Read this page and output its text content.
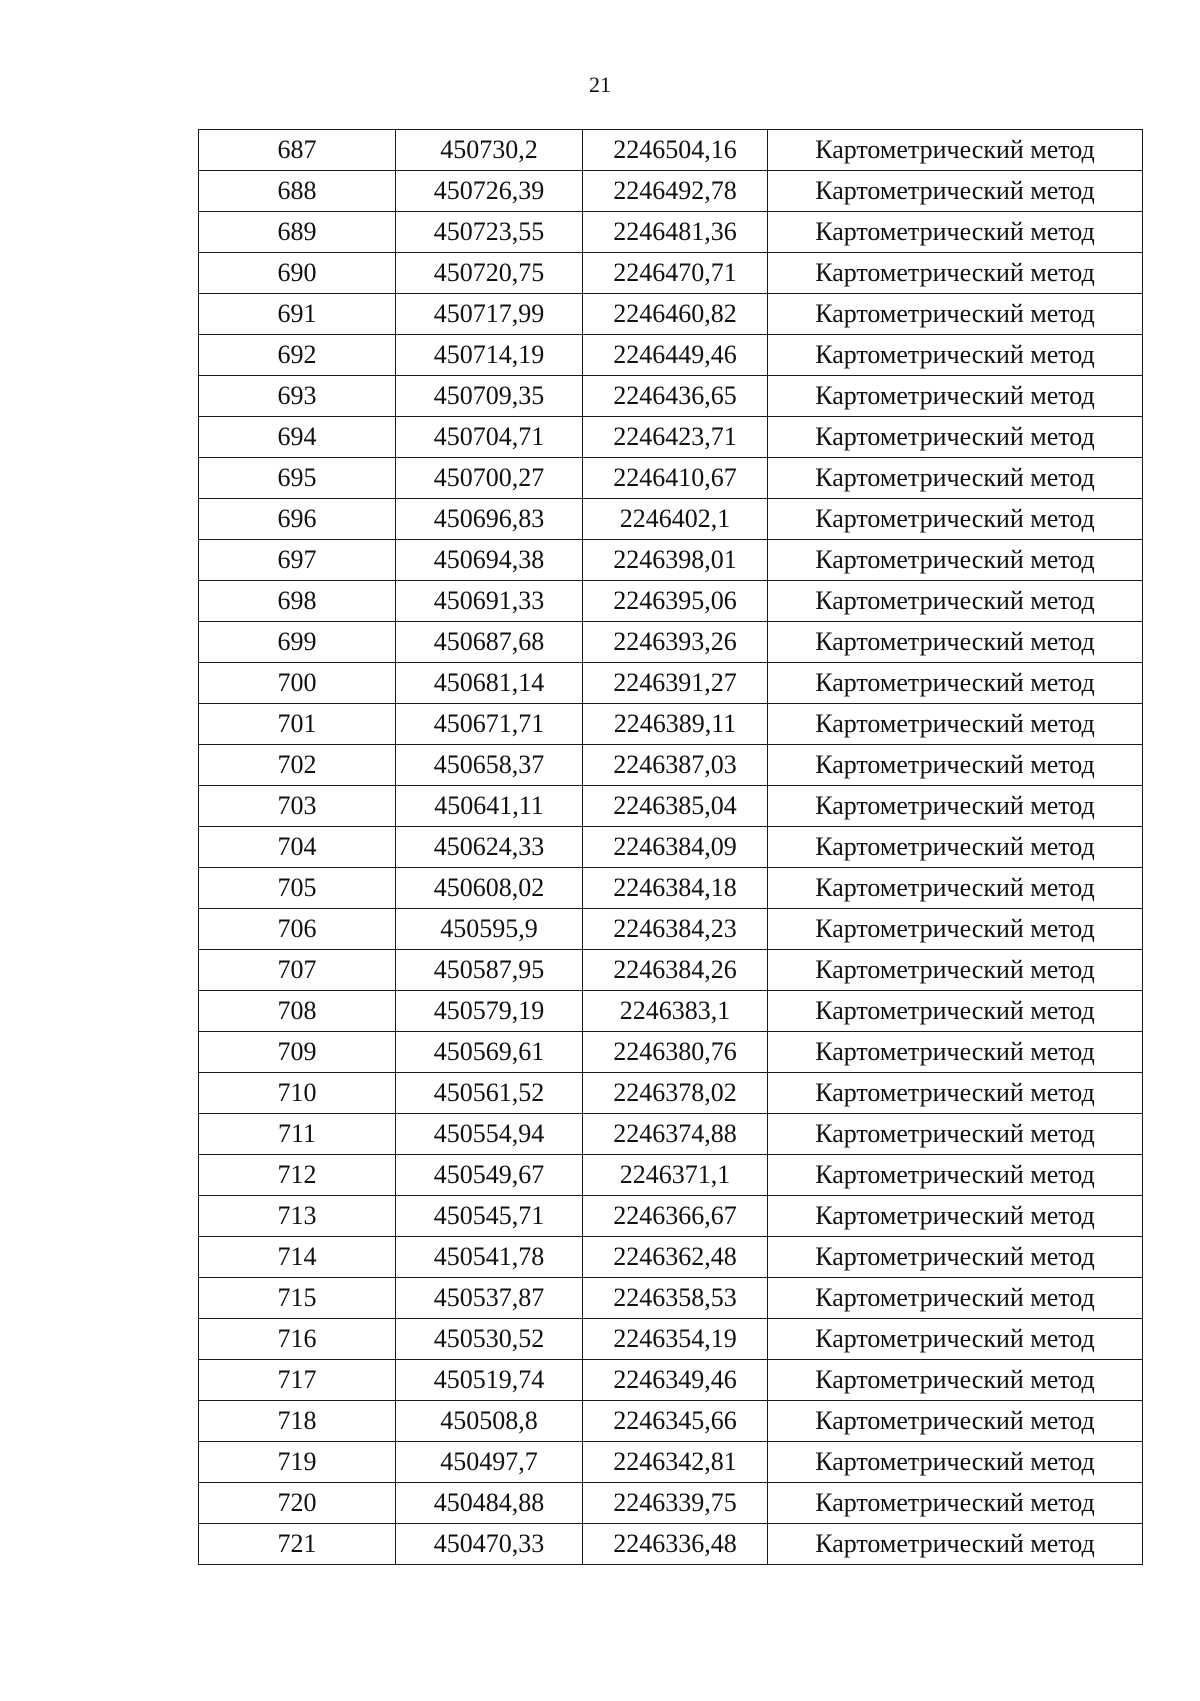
21
687	450730,2	2246504,16	Картометрический метод
688	450726,39	2246492,78	Картометрический метод
689	450723,55	2246481,36	Картометрический метод
690	450720,75	2246470,71	Картометрический метод
691	450717,99	2246460,82	Картометрический метод
692	450714,19	2246449,46	Картометрический метод
693	450709,35	2246436,65	Картометрический метод
694	450704,71	2246423,71	Картометрический метод
695	450700,27	2246410,67	Картометрический метод
696	450696,83	2246402,1	Картометрический метод
697	450694,38	2246398,01	Картометрический метод
698	450691,33	2246395,06	Картометрический метод
699	450687,68	2246393,26	Картометрический метод
700	450681,14	2246391,27	Картометрический метод
701	450671,71	2246389,11	Картометрический метод
702	450658,37	2246387,03	Картометрический метод
703	450641,11	2246385,04	Картометрический метод
704	450624,33	2246384,09	Картометрический метод
705	450608,02	2246384,18	Картометрический метод
706	450595,9	2246384,23	Картометрический метод
707	450587,95	2246384,26	Картометрический метод
708	450579,19	2246383,1	Картометрический метод
709	450569,61	2246380,76	Картометрический метод
710	450561,52	2246378,02	Картометрический метод
711	450554,94	2246374,88	Картометрический метод
712	450549,67	2246371,1	Картометрический метод
713	450545,71	2246366,67	Картометрический метод
714	450541,78	2246362,48	Картометрический метод
715	450537,87	2246358,53	Картометрический метод
716	450530,52	2246354,19	Картометрический метод
717	450519,74	2246349,46	Картометрический метод
718	450508,8	2246345,66	Картометрический метод
719	450497,7	2246342,81	Картометрический метод
720	450484,88	2246339,75	Картометрический метод
721	450470,33	2246336,48	Картометрический метод
